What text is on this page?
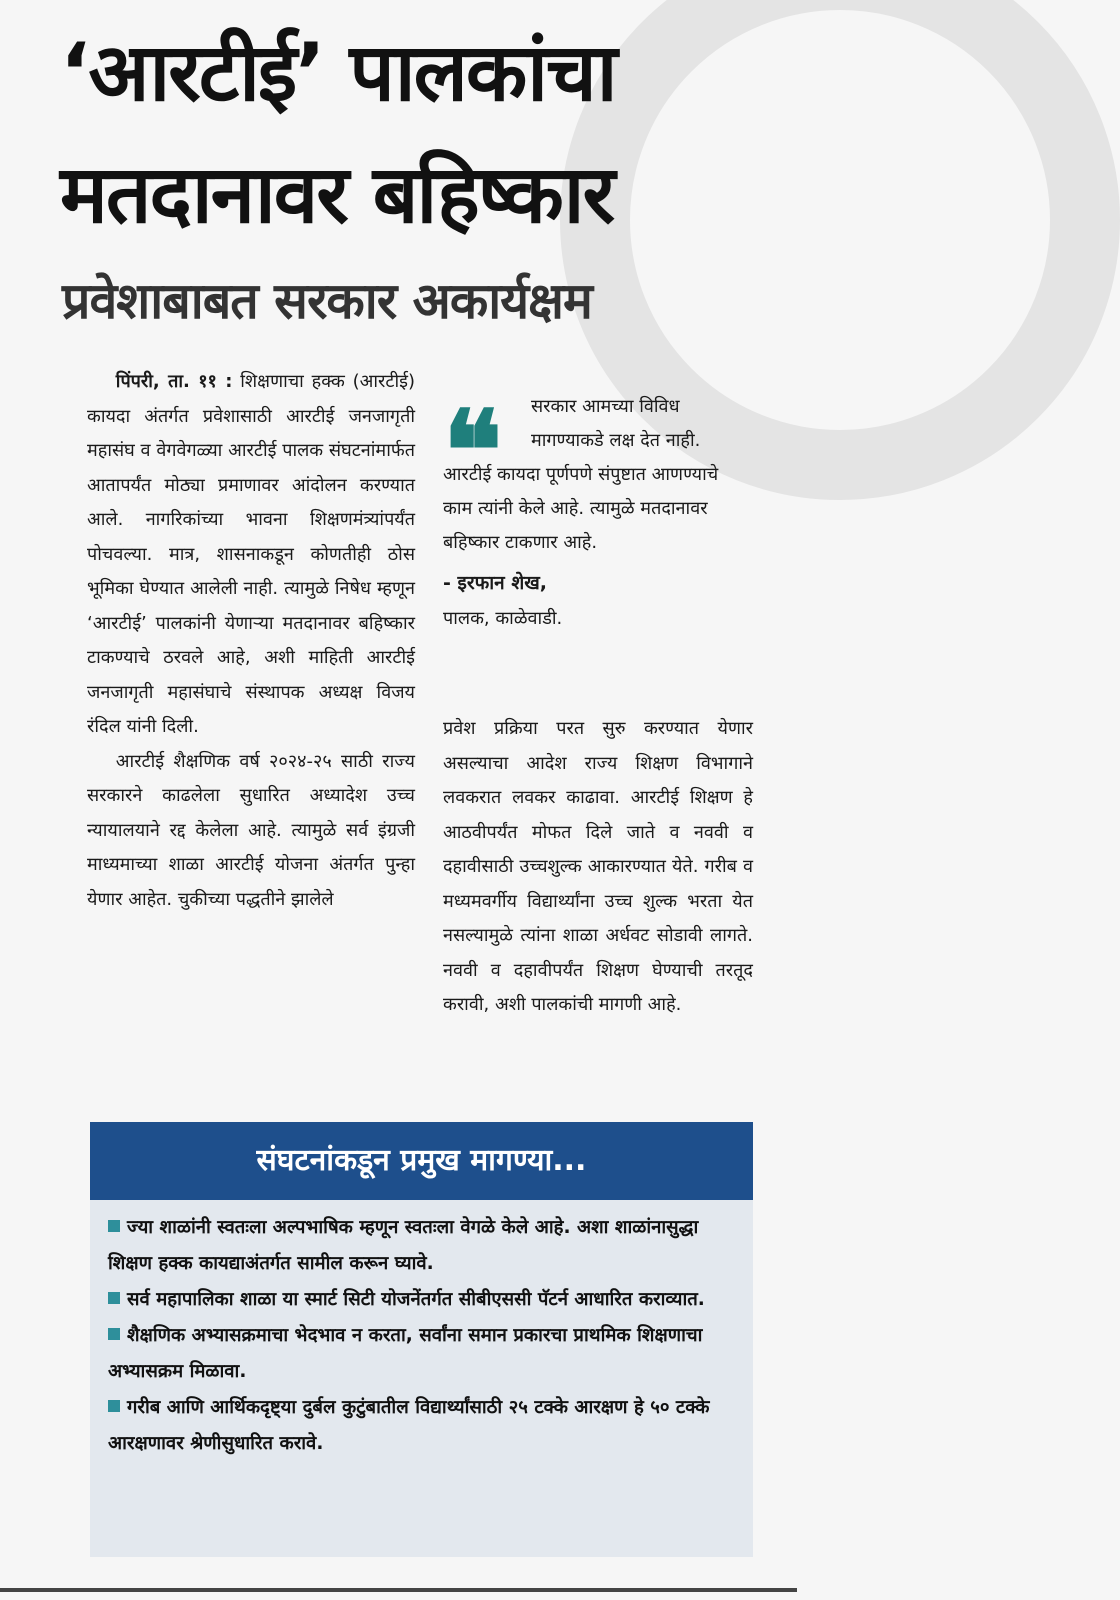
‘आरटीई’ पालकांचा
मतदानावर बहिष्कार
प्रवेशाबाबत सरकार अकार्यक्षम

पिंपरी, ता. ११ : शिक्षणाचा हक्क (आरटीई) कायदा अंतर्गत प्रवेशासाठी आरटीई जनजागृती महासंघ व वेगवेगळ्या आरटीई पालक संघटनांमार्फत आतापर्यंत मोठ्या प्रमाणावर आंदोलन करण्यात आले. नागरिकांच्या भावना शिक्षणमंत्र्यांपर्यंत पोचवल्या. मात्र, शासनाकडून कोणतीही ठोस भूमिका घेण्यात आलेली नाही. त्यामुळे निषेध म्हणून ‘आरटीई’ पालकांनी येणाऱ्या मतदानावर बहिष्कार टाकण्याचे ठरवले आहे, अशी माहिती आरटीई जनजागृती महासंघाचे संस्थापक अध्यक्ष विजय रंदिल यांनी दिली.

आरटीई शैक्षणिक वर्ष २०२४-२५ साठी राज्य सरकारने काढलेला सुधारित अध्यादेश उच्च न्यायालयाने रद्द केलेला आहे. त्यामुळे सर्व इंग्रजी माध्यमाच्या शाळा आरटीई योजना अंतर्गत पुन्हा येणार आहेत. चुकीच्या पद्धतीने झालेले

❝	सरकार आमच्या विविध मागण्याकडे लक्ष देत नाही. आरटीई कायदा पूर्णपणे संपुष्टात आणण्याचे काम त्यांनी केले आहे. त्यामुळे मतदानावर बहिष्कार टाकणार आहे.

- इरफान शेख,

पालक, काळेवाडी.

प्रवेश प्रक्रिया परत सुरु करण्यात येणार असल्याचा आदेश राज्य शिक्षण विभागाने लवकरात लवकर काढावा. आरटीई शिक्षण हे आठवीपर्यंत मोफत दिले जाते व नववी व दहावीसाठी उच्चशुल्क आकारण्यात येते. गरीब व मध्यमवर्गीय विद्यार्थ्यांना उच्च शुल्क भरता येत नसल्यामुळे त्यांना शाळा अर्धवट सोडावी लागते. नववी व दहावीपर्यंत शिक्षण घेण्याची तरतूद करावी, अशी पालकांची मागणी आहे.

संघटनांकडून प्रमुख मागण्या...

ज्या शाळांनी स्वतःला अल्पभाषिक म्हणून स्वतःला वेगळे केले आहे. अशा शाळांनासुद्धा शिक्षण हक्क कायद्याअंतर्गत सामील करून घ्यावे.

सर्व महापालिका शाळा या स्मार्ट सिटी योजनेंतर्गत सीबीएससी पॅटर्न आधारित कराव्यात.

शैक्षणिक अभ्यासक्रमाचा भेदभाव न करता, सर्वांना समान प्रकारचा प्राथमिक शिक्षणाचा अभ्यासक्रम मिळावा.

गरीब आणि आर्थिकदृष्ट्या दुर्बल कुटुंबातील विद्यार्थ्यांसाठी २५ टक्के आरक्षण हे ५० टक्के आरक्षणावर श्रेणीसुधारित करावे.
